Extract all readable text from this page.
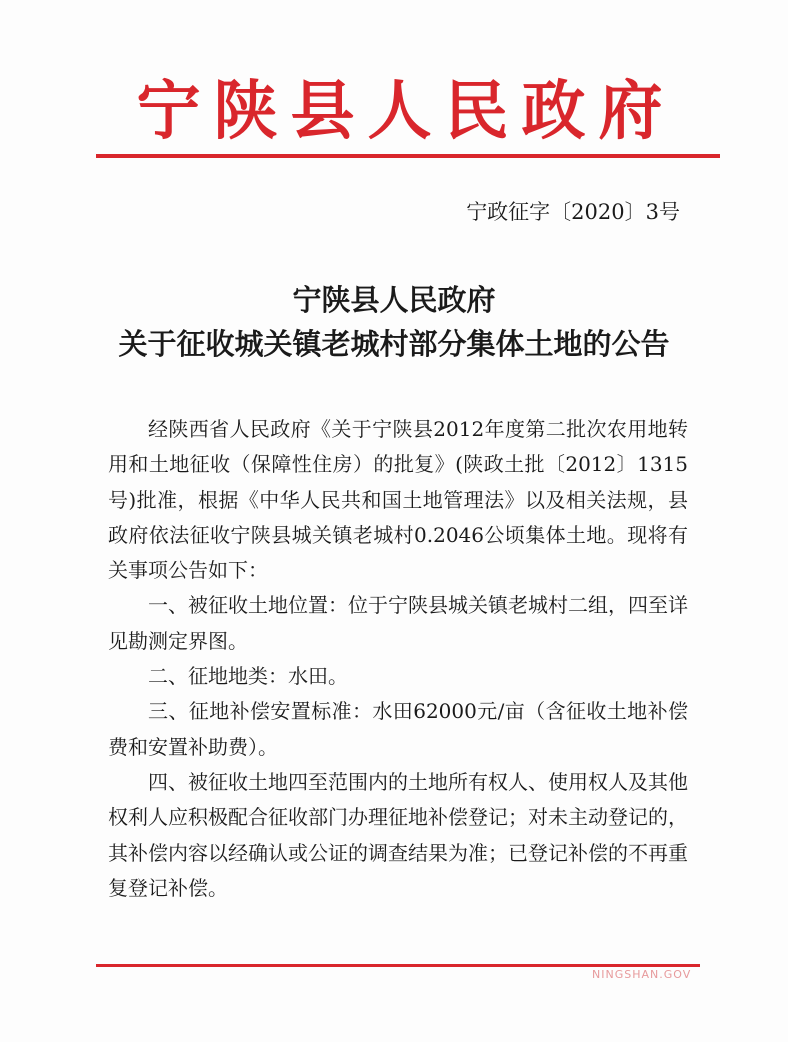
宁陕县人民政府
宁政征字〔2020〕3号
宁陕县人民政府
关于征收城关镇老城村部分集体土地的公告

经陕西省人民政府《关于宁陕县2012年度第二批次农用地转用和土地征收（保障性住房）的批复》(陕政土批〔2012〕1315号)批准，根据《中华人民共和国土地管理法》以及相关法规，县政府依法征收宁陕县城关镇老城村0.2046公顷集体土地。现将有关事项公告如下：

一、被征收土地位置：位于宁陕县城关镇老城村二组，四至详见勘测定界图。

二、征地地类：水田。

三、征地补偿安置标准：水田62000元/亩（含征收土地补偿费和安置补助费）。

四、被征收土地四至范围内的土地所有权人、使用权人及其他权利人应积极配合征收部门办理征地补偿登记；对未主动登记的，其补偿内容以经确认或公证的调查结果为准；已登记补偿的不再重复登记补偿。

NINGSHAN.GOV
